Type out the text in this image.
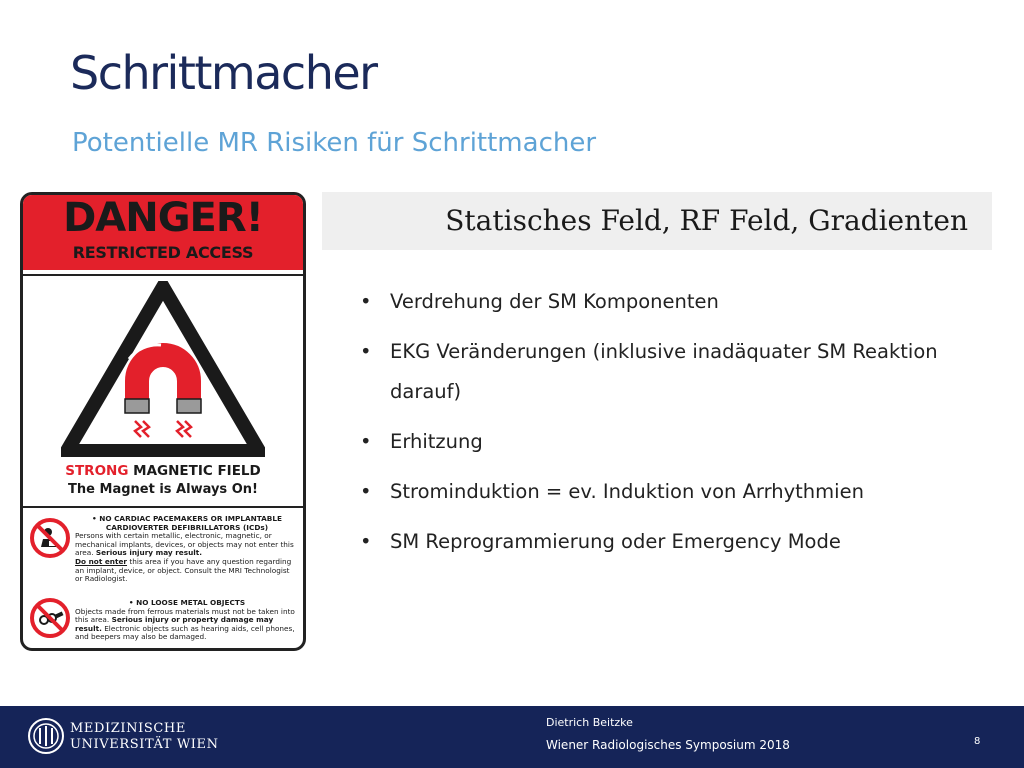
Schrittmacher
Potentielle MR Risiken für Schrittmacher
DANGER!
RESTRICTED ACCESS
STRONG MAGNETIC FIELD
The Magnet is Always On!
• NO CARDIAC PACEMAKERS OR IMPLANTABLE CARDIOVERTER DEFIBRILLATORS (ICDs)
Persons with certain metallic, electronic, magnetic, or mechanical implants, devices, or objects may not enter this area. Serious injury may result.
Do not enter this area if you have any question regarding an implant, device, or object. Consult the MRI Technologist or Radiologist.
• NO LOOSE METAL OBJECTS
Objects made from ferrous materials must not be taken into this area. Serious injury or property damage may result. Electronic objects such as hearing aids, cell phones, and beepers may also be damaged.
Statisches Feld, RF Feld, Gradienten
• Verdrehung der SM Komponenten
• EKG Veränderungen (inklusive inadäquater SM Reaktion darauf)
• Erhitzung
• Strominduktion = ev. Induktion von Arrhythmien
• SM Reprogrammierung oder Emergency Mode
MEDIZINISCHE
UNIVERSITÄT WIEN
Dietrich Beitzke
Wiener Radiologisches Symposium 2018	8
